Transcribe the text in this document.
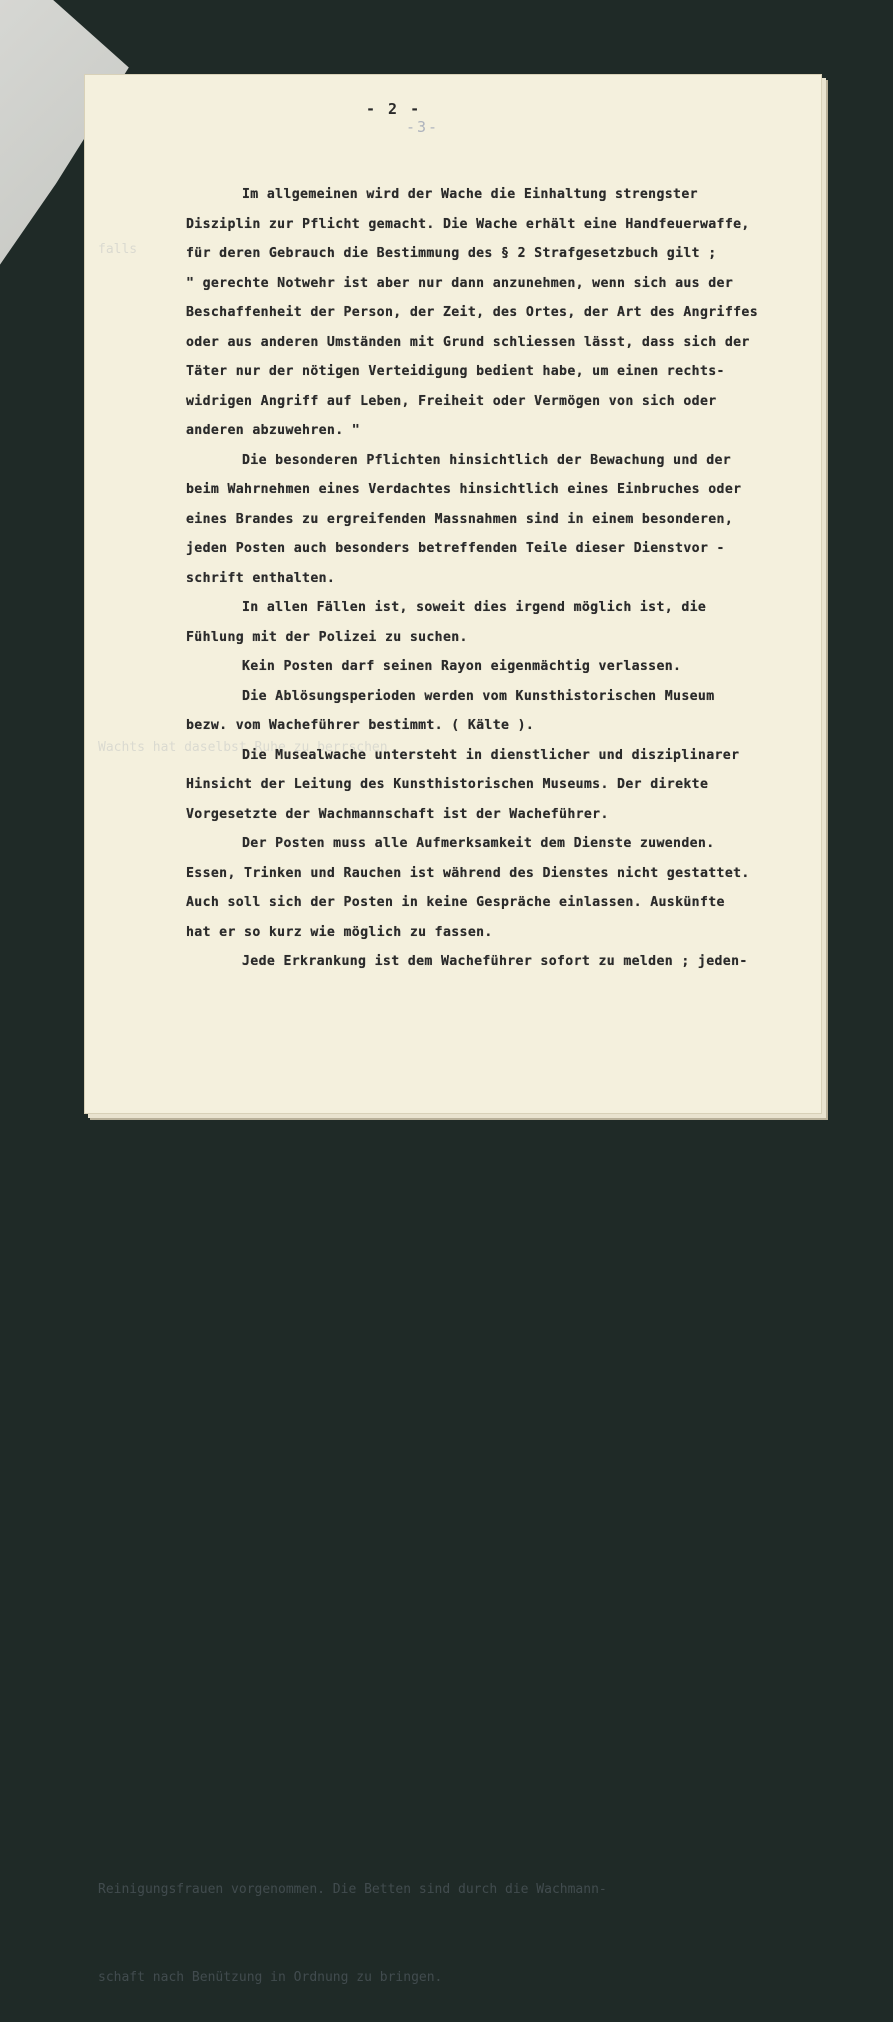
- 2 -
-3-

falls

Wachts hat daselbst Ruhe zu berrschen

Reinigungsfrauen vorgenommen. Die Betten sind durch die Wachmann-

schaft nach Benützung in Ordnung zu bringen.

Im allgemeinen wird der Wache die Einhaltung strengster
Disziplin zur Pflicht gemacht. Die Wache erhält eine Handfeuerwaffe,
für deren Gebrauch die Bestimmung des § 2 Strafgesetzbuch gilt ;
" gerechte Notwehr ist aber nur dann anzunehmen, wenn sich aus der
Beschaffenheit der Person, der Zeit, des Ortes, der Art des Angriffes
oder aus anderen Umständen mit Grund schliessen lässt, dass sich der
Täter nur der nötigen Verteidigung bedient habe, um einen rechts-
widrigen Angriff auf Leben, Freiheit oder Vermögen von sich oder
anderen abzuwehren. "
Die besonderen Pflichten hinsichtlich der Bewachung und der
beim Wahrnehmen eines Verdachtes hinsichtlich eines Einbruches oder
eines Brandes zu ergreifenden Massnahmen sind in einem besonderen,
jeden Posten auch besonders betreffenden Teile dieser Dienstvor -
schrift enthalten.
In allen Fällen ist, soweit dies irgend möglich ist, die
Fühlung mit der Polizei zu suchen.
Kein Posten darf seinen Rayon eigenmächtig verlassen.
Die Ablösungsperioden werden vom Kunsthistorischen Museum
bezw. vom Wacheführer bestimmt. ( Kälte ).
Die Musealwache untersteht in dienstlicher und disziplinarer
Hinsicht der Leitung des Kunsthistorischen Museums. Der direkte
Vorgesetzte der Wachmannschaft ist der Wacheführer.
Der Posten muss alle Aufmerksamkeit dem Dienste zuwenden.
Essen, Trinken und Rauchen ist während des Dienstes nicht gestattet.
Auch soll sich der Posten in keine Gespräche einlassen. Auskünfte
hat er so kurz wie möglich zu fassen.
Jede Erkrankung ist dem Wacheführer sofort zu melden ; jeden-
